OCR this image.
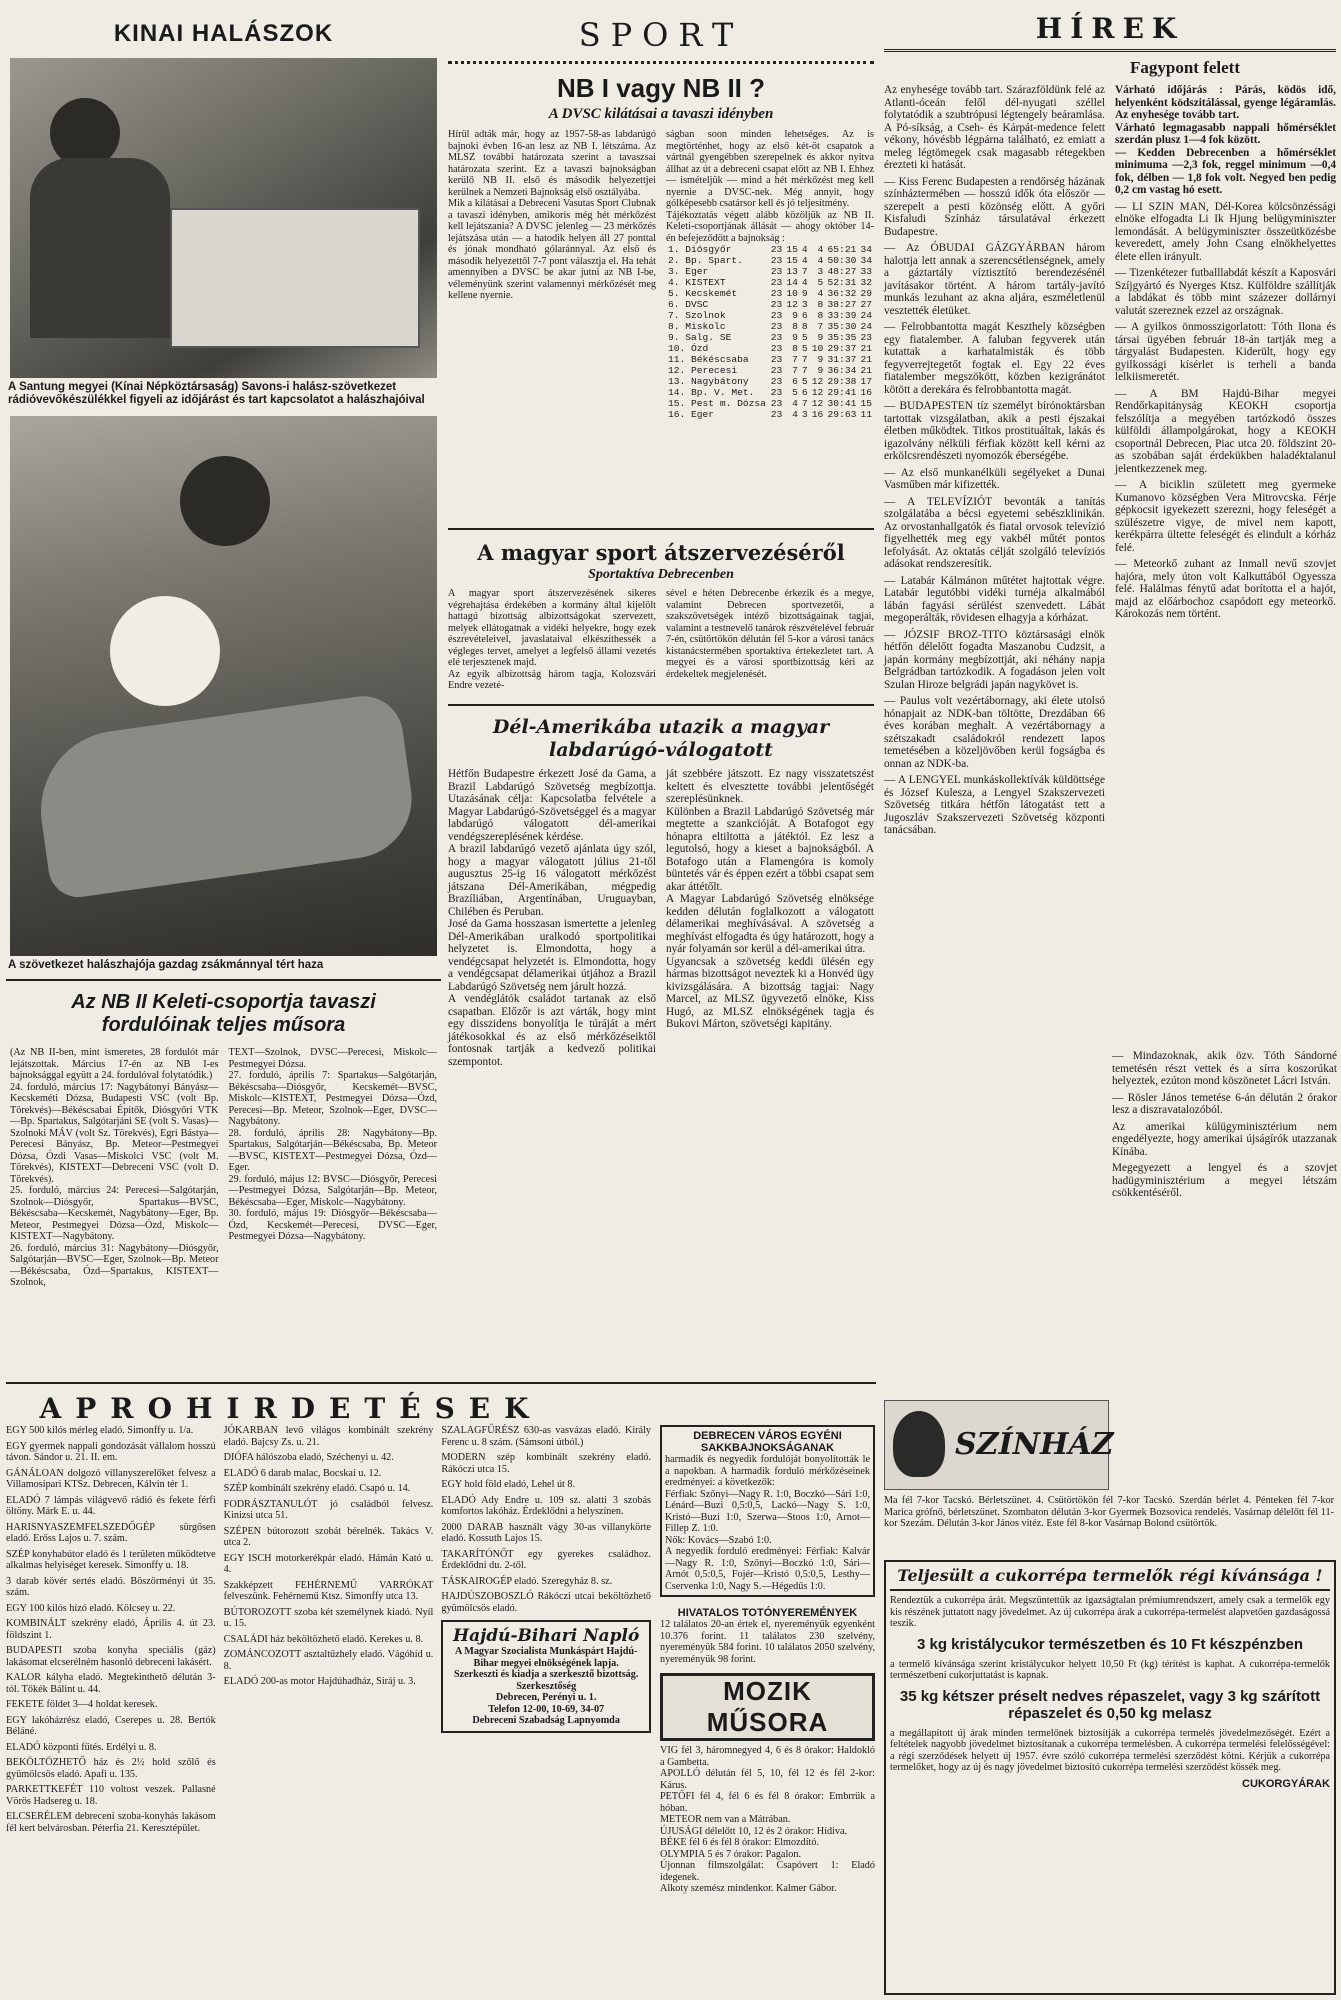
KINAI HALÁSZOK
A Santung megyei (Kínai Népköztársaság) Savons-i halász-szövetkezet rádióvevőkészülékkel figyeli az időjárást és tart kapcsolatot a halászhajóival
A szövetkezet halászhajója gazdag zsákmánnyal tért haza
Az NB II Keleti-csoportja tavaszi fordulóinak teljes műsora
(Az NB II-ben, mint ismeretes, 28 fordulót már lejátszottak. Március 17-én az NB I-es bajnoksággal együtt a 24. fordulóval folytatódik.)
24. forduló, március 17: Nagybátonyi Bányász—Kecskeméti Dózsa, Budapesti VSC (volt Bp. Törekvés)—Békéscsabai Építők, Diósgyőri VTK—Bp. Spartakus, Salgótarjáni SE (volt S. Vasas)—Szolnoki MÁV (volt Sz. Törekvés), Egri Bástya—Perecesi Bányász, Bp. Meteor—Pestmegyei Dózsa, Ózdi Vasas—Miskolci VSC (volt M. Törekvés), KISTEXT—Debreceni VSC (volt D. Törekvés).
25. forduló, március 24: Perecesi—Salgótarján, Szolnok—Diósgyőr, Spartakus—BVSC, Békéscsaba—Kecskemét, Nagybátony—Eger, Bp. Meteor, Pestmegyei Dózsa—Ózd, Miskolc—KISTEXT—Nagybátony.
26. forduló, március 31: Nagybátony—Diósgyőr, Salgótarján—BVSC—Eger, Szolnok—Bp. Meteor—Békéscsaba, Ózd—Spartakus, KISTEXT—Szolnok,
TEXT—Szolnok, DVSC—Perecesi, Miskolc—Pestmegyei Dózsa.
27. forduló, április 7: Spartakus—Salgótarján, Békéscsaba—Diósgyőr, Kecskemét—BVSC, Miskolc—KISTEXT, Pestmegyei Dózsa—Ózd, Perecesi—Bp. Meteor, Szolnok—Eger, DVSC—Nagybátony.
28. forduló, április 28: Nagybátony—Bp. Spartakus, Salgótarján—Békéscsaba, Bp. Meteor—BVSC, KISTEXT—Pestmegyei Dózsa, Ózd—Eger.
29. forduló, május 12: BVSC—Diósgyőr, Perecesi—Pestmegyei Dózsa, Salgótarján—Bp. Meteor, Békéscsaba—Eger, Miskolc—Nagybátony.
30. forduló, május 19: Diósgyőr—Békéscsaba—Ózd, Kecskemét—Perecesi, DVSC—Eger, Pestmegyei Dózsa—Nagybátony.
SPORT
NB I vagy NB II ?
A DVSC kilátásai a tavaszi idényben
Hírül adták már, hogy az 1957-58-as labdarúgó bajnoki évben 16-an lesz az NB I. létszáma. Az MLSZ további határozata szerint a tavaszsai határozata szerint. Ez a tavaszi bajnokságban kerülő NB II. első és második helyezettjei kerülnek a Nemzeti Bajnokság első osztályába.
Mik a kilátásai a Debreceni Vasutas Sport Clubnak a tavaszi idényben, amikoris még hét mérkőzést kell lejátszania? A DVSC jelenleg — 23 mérkőzés lejátszása után — a hatodik helyen áll 27 ponttal és jónak mondható gólaránnyal. Az első és második helyezettől 7-7 pont választja el. Ha tehát amennyiben a DVSC be akar jutni az NB I-be, véleményünk szerint valamennyi mérkőzését meg kellene nyernie.
ságban soon minden lehetséges. Az is megtörténhet, hogy az első két-öt csapatok a vártnál gyengébben szerepelnek és akkor nyitva állhat az út a debreceni csapat előtt az NB I. Ehhez — ismételjük — mind a hét mérkőzést meg kell nyernie a DVSC-nek. Még annyit, hogy gólképesebb csatársor kell és jó teljesítmény.
Tájékoztatás végett alább közöljük az NB II. Keleti-csoportjának állását — ahogy október 14-én befejeződött a bajnokság :
1. Diósgyőr	23	15	4	4	65:21	34
2. Bp. Spart.	23	15	4	4	50:30	34
3. Eger	23	13	7	3	48:27	33
4. KISTEXT	23	14	4	5	52:31	32
5. Kecskemét	23	10	9	4	36:32	29
6. DVSC	23	12	3	8	38:27	27
7. Szolnok	23	9	6	8	33:39	24
8. Miskolc	23	8	8	7	35:30	24
9. Salg. SE	23	9	5	9	35:35	23
10. Ózd	23	8	5	10	29:37	21
11. Békéscsaba	23	7	7	9	31:37	21
12. Perecesi	23	7	7	9	36:34	21
13. Nagybátony	23	6	5	12	29:38	17
14. Bp. V. Met.	23	5	6	12	29:41	16
15. Pest m. Dózsa	23	4	7	12	30:41	15
16. Eger	23	4	3	16	29:63	11
A magyar sport átszervezéséről
Sportaktíva Debrecenben
A magyar sport átszervezésének sikeres végrehajtása érdekében a kormány által kijelölt hattagú bizottság albizottságokat szervezett, melyek ellátogatnak a vidéki helyekre, hogy ezek észrevételeivel, javaslataival elkészíthessék a végleges tervet, amelyet a legfelső állami vezetés elé terjesztenek majd.
Az egyik albizottság három tagja, Kolozsvári Endre vezeté-
sével e héten Debrecenbe érkezik és a megye, valamint Debrecen sportvezetői, a szakszövetségek intéző bizottságainak tagjai, valamint a testnevelő tanárok részvételével február 7-én, csütörtökön délután fél 5-kor a városi tanács kistanácstermében sportaktíva értekezletet tart. A megyei és a városi sportbizottság kéri az érdekeltek megjelenését.
Dél-Amerikába utazik a magyar labdarúgó-válogatott
Hétfőn Budapestre érkezett José da Gama, a Brazil Labdarúgó Szövetség megbízottja. Utazásának célja: Kapcsolatba felvétele a Magyar Labdarúgó-Szövetséggel és a magyar labdarúgó válogatott dél-amerikai vendégszereplésének kérdése.
A brazil labdarúgó vezető ajánlata úgy szól, hogy a magyar válogatott július 21-től augusztus 25-ig 16 válogatott mérkőzést játszana Dél-Amerikában, mégpedig Brazíliában, Argentínában, Uruguayban, Chilében és Peruban.
José da Gama hosszasan ismertette a jelenleg Dél-Amerikában uralkodó sportpolitikai helyzetet is. Elmondotta, hogy a vendégcsapat helyzetét is. Elmondotta, hogy a vendégcsapat délamerikai útjához a Brazil Labdarúgó Szövetség nem járult hozzá.
A vendéglátók családot tartanak az első csapatban. Előzőr is azt várták, hogy mint egy disszidens bonyolítja le túráját a mért játékosokkal és az első mérkőzéseiktől fontosnak tartják a kedvező politikai szempontot.
ját szebbére játszott. Ez nagy visszatetszést keltett és elvesztette további jelentőségét szereplésünknek.
Különben a Brazil Labdarúgó Szövetség már megtette a szankcióját. A Botafogot egy hónapra eltiltotta a játéktól. Ez lesz a legutolsó, hogy a kieset a bajnokságból. A Botafogo után a Flamengóra is komoly büntetés vár és éppen ezért a többi csapat sem akar áttétőlt.
A Magyar Labdarúgó Szövetség elnöksége kedden délután foglalkozott a válogatott délamerikai meghívásával. A szövetség a meghívást elfogadta és úgy határozott, hogy a nyár folyamán sor kerül a dél-amerikai útra.
Ugyancsak a szövetség keddi ülésén egy hármas bizottságot neveztek ki a Honvéd ügy kivizsgálására. A bizottság tagjai: Nagy Marcel, az MLSZ ügyvezető elnöke, Kiss Hugó, az MLSZ elnökségének tagja és Bukovi Márton, szövetségi kapitány.
HÍREK
Fagypont felett
Az enyhesége tovább tart. Szárazföldünk felé az Atlanti-óceán felől dél-nyugati széllel folytatódik a szubtrópusi légtengely beáramlása. A Pó-síkság, a Cseh- és Kárpát-medence felett vékony, hóvésbb légpárna található, ez emiatt a meleg légtömegek csak magasabb rétegekben érezteti ki hatását.
— Kiss Ferenc Budapesten a rendőrség házának színháztermében — hosszú idők óta először — szerepelt a pesti közönség előtt. A győri Kisfaludi Színház társulatával érkezett Budapestre.
— Az ÓBUDAI GÁZGYÁRBAN három halottja lett annak a szerencsétlenségnek, amely a gáztartály víztisztító berendezésénél javításakor történt. A három tartály-javító munkás lezuhant az akna aljára, eszméletlenül vesztették életüket.
— Felrobbantotta magát Keszthely községben egy fiatalember. A faluban fegyverek után kutattak a karhatalmisták és több fegyverrejtegetőt fogtak el. Egy 22 éves fiatalember megszökött, közben kezigránátot kötött a derekára és felrobbantotta magát.
— BUDAPESTEN tíz személyt bírónoktársban tartottak vizsgálatban, akik a pesti éjszakai életben működtek. Titkos prostituáltak, lakás és igazolvány nélküli férfiak között kell kérni az erkölcsrendészeti nyomozók éberségébe.
— Az első munkanélküli segélyeket a Dunai Vasműben már kifizették.
— A TELEVÍZIÓT bevonták a tanítás szolgálatába a bécsi egyetemi sebészklinikán. Az orvostanhallgatók és fiatal orvosok televízió figyelhették meg egy vakbél műtét pontos lefolyását. Az oktatás célját szolgáló televíziós adásokat rendszeresítik.
— Latabár Kálmánon műtétet hajtottak végre. Latabár legutóbbi vidéki turnéja alkalmából lábán fagyási sérülést szenvedett. Lábát megoperálták, rövidesen elhagyja a kórházat.
— JÓZSIF BROZ-TITO köztársasági elnök hétfőn délelőtt fogadta Maszanobu Cudzsit, a japán kormány megbízottját, aki néhány napja Belgrádban tartózkodik. A fogadáson jelen volt Szulan Hiroze belgrádi japán nagykövet is.
— Paulus volt vezértábornagy, aki élete utolsó hónapjait az NDK-ban töltötte, Drezdában 66 éves korában meghalt. A vezértábornagy a szétszakadt családokról rendezett lapos temetésében a közeljövőben kerül fogságba és onnan az NDK-ba.
— A LENGYEL munkáskollektívák küldöttsége és József Kulesza, a Lengyel Szakszervezeti Szövetség titkára hétfőn látogatást tett a Jugoszláv Szakszervezeti Szövetség központi tanácsában.
Várható időjárás : Párás, ködös idő, helyenként ködszitálással, gyenge légáramlás. Az enyhesége tovább tart.
Várható legmagasabb nappali hőmérséklet szerdán plusz 1—4 fok között.
— Kedden Debrecenben a hőmérséklet minimuma —2,3 fok, reggel minimum —0,4 fok, délben — 1,8 fok volt. Negyed ben pedig 0,2 cm vastag hó esett.
— LI SZIN MAN, Dél-Korea kölcsönzéssági elnöke elfogadta Li Ik Hjung belügyminiszter lemondását. A belügyminiszter összeütközésbe keveredett, amely John Csang elnökhelyettes élete ellen irányult.
— Tizenkétezer futballlabdát készít a Kaposvári Szíjgyártó és Nyerges Ktsz. Külföldre szállítják a labdákat és több mint százezer dollárnyi valutát szereznek ezzel az országnak.
— A gyilkos önmosszigorlatott: Tóth Ilona és társai ügyében február 18-án tartják meg a tárgyalást Budapesten. Kiderült, hogy egy gyilkossági kísérlet is terheli a banda lelkiismeretét.
— A BM Hajdú-Bihar megyei Rendőrkapitányság KEOKH csoportja felszólítja a megyében tartózkodó összes külföldi állampolgárokat, hogy a KEOKH csoportnál Debrecen, Piac utca 20. földszint 20-as szobában saját érdekükben haladéktalanul jelentkezzenek meg.
— A biciklin született meg gyermeke Kumanovo községben Vera Mitrovcska. Férje gépkocsit igyekezett szerezni, hogy feleségét a szülészetre vigye, de mivel nem kapott, kerékpárra ültette feleségét és elindult a kórház felé.
— Meteorkő zuhant az Inmall nevű szovjet hajóra, mely úton volt Kalkuttából Ogyessza felé. Halálmas fénytű adat borította el a hajót, majd az előárbochoz csapódott egy meteorkő. Károkozás nem történt.
APROHIRDETÉSEK
EGY 500 kilós mérleg eladó. Simonffy u. 1/a.
EGY gyermek nappali gondozását vállalom hosszú távon. Sándor u. 21. II. em.
GÁNÁLOAN dolgozó villanyszerelőket felvesz a Villamosipari KTSz. Debrecen, Kálvin tér 1.
ELADÓ 7 lámpás világvevő rádió és fekete férfi öltöny. Márk E. u. 44.
HARISNYASZEMFELSZEDŐGÉP sürgősen eladó. Erőss Lajos u. 7. szám.
SZÉP konyhabútor eladó és 1 területen működtetve alkalmas helyiséget keresek. Simonffy u. 18.
3 darab kövér sertés eladó. Böszörményi út 35. szám.
EGY 100 kilós hízó eladó. Kölcsey u. 22.
KOMBINÁLT szekrény eladó, Április 4. út 23. földszint 1.
BUDAPESTI szoba konyha speciális (gáz) lakásomat elcserélném hasonló debreceni lakásért.
KALOR kályha eladó. Megtekinthető délután 3-tól. Tőkék Bálint u. 44.
FEKETE földet 3—4 holdat keresek.
EGY lakóházrész eladó, Cserepes u. 28. Bertók Béláné.
ELADÓ központi fűtés. Erdélyi u. 8.
BEKÖLTÖZHETŐ ház és 2½ hold szőlő és gyümölcsös eladó. Apafi u. 135.
PARKETTKEFÉT 110 voltost veszek. Pallasné Vörös Hadsereg u. 18.
ELCSERÉLEM debreceni szoba-konyhás lakásom fél kert belvárosban. Péterfia 21. Keresztépület.
JÓKARBAN levő világos kombinált szekrény eladó. Bajcsy Zs. u. 21.
DIÓFA hálószoba eladó, Széchenyi u. 42.
ELADÓ 6 darab malac, Bocskai u. 12.
SZÉP kombinált szekrény eladó. Csapó u. 14.
FODRÁSZTANULÓT jó családból felvesz. Kinizsi utca 51.
SZÉPEN bútorozott szobát bérelnék. Takács V. utca 2.
EGY ISCH motorkerékpár eladó. Hámán Kató u. 4.
Szakképzett FEHÉRNEMŰ VARRÓKAT felveszünk. Fehérnemű Ktsz. Simonffy utca 13.
BÚTOROZOTT szoba két személynek kiadó. Nyíl u. 15.
CSALÁDI ház beköltözhető eladó. Kerekes u. 8.
ZOMÁNCOZOTT asztaltűzhely eladó. Vágóhíd u. 8.
ELADÓ 200-as motor Hajdúhadház, Siráj u. 3.
SZALAGFŰRÉSZ 630-as vasvázas eladó. Király Ferenc u. 8 szám. (Sámsoni útból.)
MODERN szép kombinált szekrény eladó. Rákóczi utca 15.
EGY hold föld eladó, Lehel út 8.
ELADÓ Ady Endre u. 109 sz. alatti 3 szobás komfortos lakóház. Érdeklődni a helyszínen.
2000 DARAB használt vágy 30-as villanykörte eladó. Kossuth Lajos 15.
TAKARÍTÓNŐT egy gyerekes családhoz. Érdeklődni du. 2-től.
TÁSKAIROGÉP eladó. Szeregyház 8. sz.
HAJDÚSZOBOSZLÓ Rákóczi utcai beköltözhető gyümölcsös eladó.
Hajdú-Bihari Napló
A Magyar Szocialista Munkáspárt Hajdú-Bihar megyei elnökségének lapja.
Szerkeszti és kiadja a szerkesztő bizottság.
Szerkesztőség
Debrecen, Perényi u. 1.
Telefon 12-00, 10-69, 34-07
Debreceni Szabadság Lapnyomda
DEBRECEN VÁROS EGYÉNI SAKKBAJNOKSÁGANAK
harmadik és negyedik fordulóját bonyolították le a napokban. A harmadik forduló mérkőzéseinek eredményei: a következők:
Férfiak: Szőnyi—Nagy R. 1:0, Boczkó—Sári 1:0, Lénárd—Buzi 0,5:0,5, Lackó—Nagy S. 1:0, Kristó—Buzi 1:0, Szerwa—Stoos 1:0, Arnot—Fillep Z. 1:0.
Nők: Kovács—Szabó 1:0.
A negyedik forduló eredményei: Férfiak: Kalvár—Nagy R. 1:0, Szőnyi—Boczkó 1:0, Sári—Arnót 0,5:0,5, Fojér—Kristó 0,5:0,5, Lesthy—Cservenka 1:0, Nagy S.—Hégedűs 1:0.
HIVATALOS TOTÓNYEREMÉNYEK
12 találatos 20-an értek el, nyereményük egyenként 10.376 forint. 11 találatos 230 szelvény, nyereményük 584 forint. 10 találatos 2050 szelvény, nyereményük 98 forint.
MOZIK MŰSORA
VIG fél 3, háromnegyed 4, 6 és 8 órakor: Haldokló a Gambetta.
APOLLÓ délután fél 5, 10, fél 12 és fél 2-kor: Kárus.
PETŐFI fél 4, fél 6 és fél 8 órakor: Embrrük a hóban.
METEOR nem van a Mátrában.
ÚJUSÁGI délelőtt 10, 12 és 2 órakor: Hídiva.
BÉKE fél 6 és fél 8 órakor: Elmozdító.
OLYMPIA 5 és 7 órakor: Pagalon.
Újonnan filmszolgálat: Csapóvert 1: Eladó idegenek.
Alkoty szemész mindenkor. Kalmer Gábor.
— Mindazoknak, akik özv. Tóth Sándorné temetésén részt vettek és a sírra koszorúkat helyeztek, ezúton mond köszönetet Lácri István.
— Rösler János temetése 6-án délután 2 órakor lesz a diszravatalozóból.
Az amerikai külügyminisztérium nem engedélyezte, hogy amerikai újságírók utazzanak Kínába.
Megegyezett a lengyel és a szovjet hadügyminisztérium a megyei létszám csökkentéséről.
SZÍNHÁZ
Ma fél 7-kor Tacskó. Bérletszünet. 4. Csütörtökön fél 7-kor Tacskó. Szerdán bérlet 4. Pénteken fél 7-kor Marica grófnő, bérletszünet. Szombaton délután 3-kor Gyermek Bozsovica rendelés. Vasárnap délelőtt fél 11-kor Szezám. Délután 3-kor János vitéz. Este fél 8-kor Vasárnap Bolond csütörtök.
Teljesült a cukorrépa termelők régi kívánsága !
Rendeztük a cukorrépa árát. Megszüntettük az igazságtalan prémiumrendszert, amely csak a termelők egy kis részének juttatott nagy jövedelmet. Az új cukorrépa árak a cukorrépa-termelést alapvetően gazdaságossá teszik.
3 kg kristálycukor természetben és 10 Ft készpénzben
a termelő kívánsága szerint kristálycukor helyett 10,50 Ft (kg) térítést is kaphat. A cukorrépa-termelők természetbeni cukorjuttatást is kapnak.
35 kg kétszer préselt nedves répaszelet, vagy 3 kg szárított répaszelet és 0,50 kg melasz
a megállapított új árak minden termelőnek biztosítják a cukorrépa termelés jövedelmezőségét. Ezért a feltételek nagyobb jövedelmet biztosítanak a cukorrépa termelésben. A cukorrépa termelési felelősségével: a régi szerződések helyett új 1957. évre szóló cukorrépa termelési szerződést kötni. Kérjük a cukorrépa termelőket, hogy az új és nagy jövedelmet biztosító cukorrépa termelési szerződést kössék meg.
CUKORGYÁRAK
